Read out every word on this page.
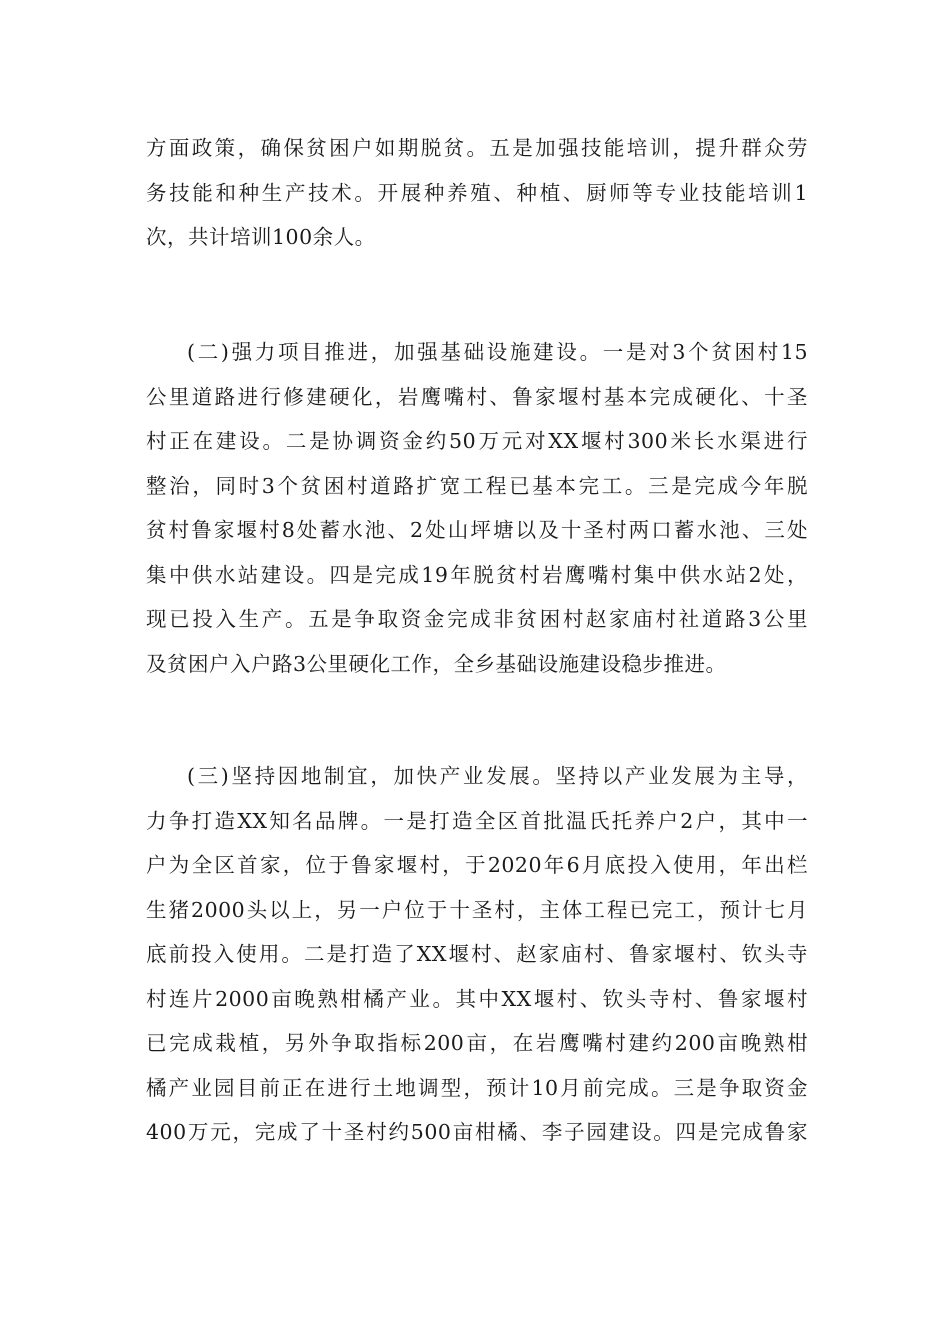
方面政策，确保贫困户如期脱贫。五是加强技能培训，提升群众劳
务技能和种生产技术。开展种养殖、种植、厨师等专业技能培训1
次，共计培训100余人。
(二)强力项目推进，加强基础设施建设。一是对3个贫困村15
公里道路进行修建硬化，岩鹰嘴村、鲁家堰村基本完成硬化、十圣
村正在建设。二是协调资金约50万元对XX堰村300米长水渠进行
整治，同时3个贫困村道路扩宽工程已基本完工。三是完成今年脱
贫村鲁家堰村8处蓄水池、2处山坪塘以及十圣村两口蓄水池、三处
集中供水站建设。四是完成19年脱贫村岩鹰嘴村集中供水站2处，
现已投入生产。五是争取资金完成非贫困村赵家庙村社道路3公里
及贫困户入户路3公里硬化工作，全乡基础设施建设稳步推进。
(三)坚持因地制宜，加快产业发展。坚持以产业发展为主导，
力争打造XX知名品牌。一是打造全区首批温氏托养户2户，其中一
户为全区首家，位于鲁家堰村，于2020年6月底投入使用，年出栏
生猪2000头以上，另一户位于十圣村，主体工程已完工，预计七月
底前投入使用。二是打造了XX堰村、赵家庙村、鲁家堰村、钦头寺
村连片2000亩晚熟柑橘产业。其中XX堰村、钦头寺村、鲁家堰村
已完成栽植，另外争取指标200亩，在岩鹰嘴村建约200亩晚熟柑
橘产业园目前正在进行土地调型，预计10月前完成。三是争取资金
400万元，完成了十圣村约500亩柑橘、李子园建设。四是完成鲁家
